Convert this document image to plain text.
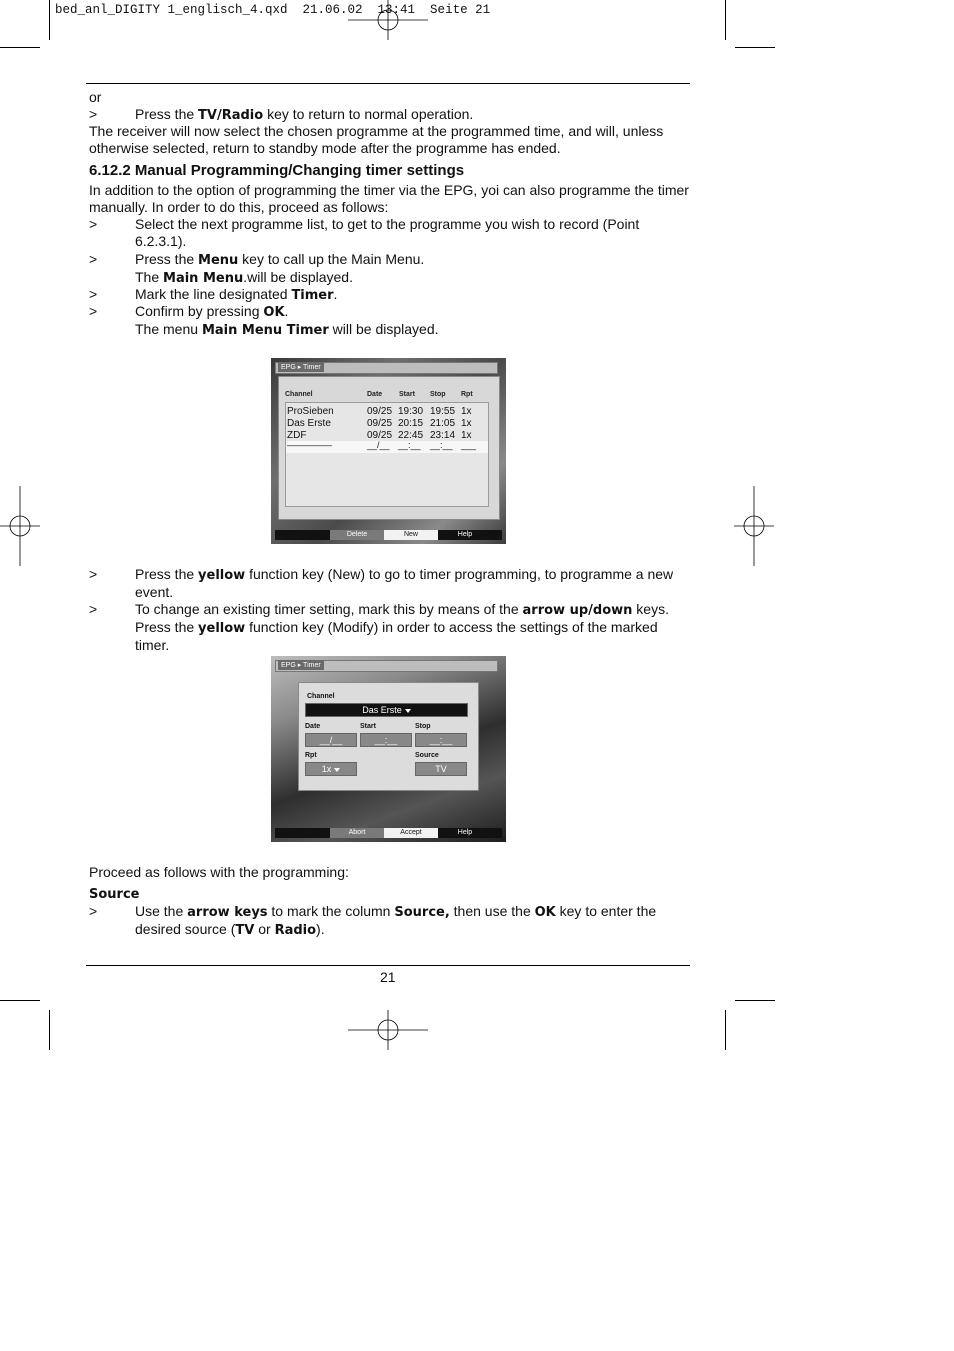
bed_anl_DIGITY 1_englisch_4.qxd  21.06.02  13:41  Seite 21
or
>	Press the TV/Radio key to return to normal operation.
The receiver will now select the chosen programme at the programmed time, and will, unless otherwise selected, return to standby mode after the programme has ended.
6.12.2 Manual Programming/Changing timer settings
In addition to the option of programming the timer via the EPG, yoi can also programme the timer manually. In order to do this, proceed as follows:
>	Select the next programme list, to get to the programme you wish to record (Point 6.2.3.1).
>	Press the Menu key to call up the Main Menu.
The Main Menu.will be displayed.
>	Mark the line designated Timer.
>	Confirm by pressing OK.
The menu Main Menu Timer will be displayed.
EPG ▸ Timer
Channel	Date Start Stop Rpt
ProSieben	09/25 19:30 19:55 1x
Das Erste	09/25 20:15 21:05 1x
ZDF	09/25 22:45 23:14 1x
—————	__/__ __:__ __:__ ___
Delete	New	Help
>	Press the yellow function key (New) to go to timer programming, to programme a new event.
>	To change an existing timer setting, mark this by means of the arrow up/down keys. Press the yellow function key (Modify) in order to access the settings of the marked timer.
EPG ▸ Timer
Channel
Das Erste
Date	Start	Stop
__/__	__:__	__:__
Rpt	Source
1x	TV
Abort	Accept	Help
Proceed as follows with the programming:
Source
>	Use the arrow keys to mark the column Source, then use the OK key to enter the desired source (TV or Radio).
21
